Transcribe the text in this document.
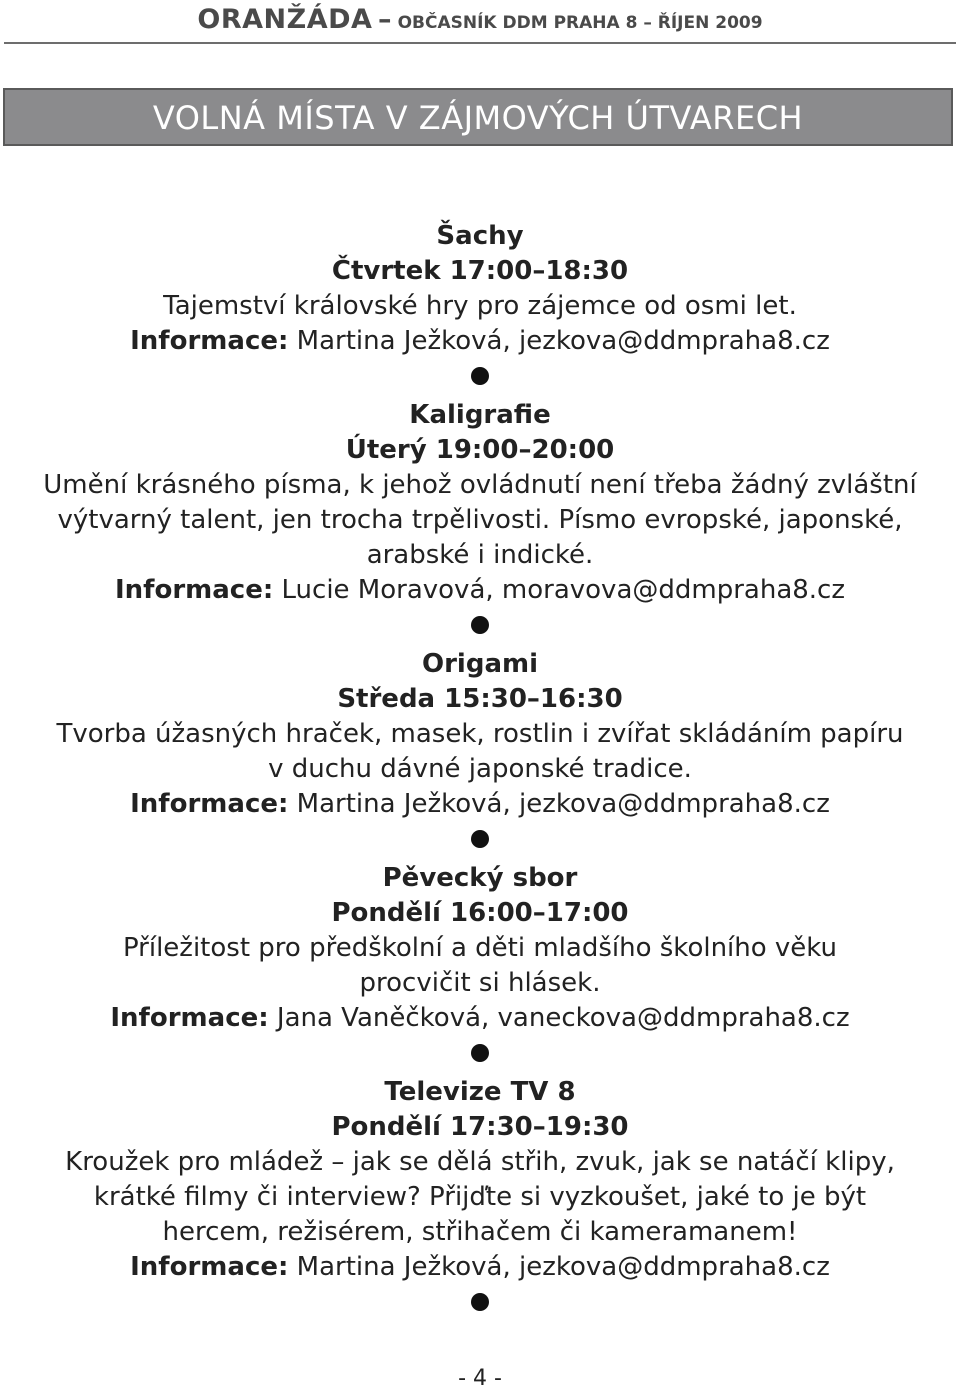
ORANŽÁDA – OBČASNÍK DDM PRAHA 8 – ŘÍJEN 2009
VOLNÁ MÍSTA V ZÁJMOVÝCH ÚTVARECH
Šachy
Čtvrtek 17:00–18:30
Tajemství královské hry pro zájemce od osmi let.
Informace: Martina Ježková, jezkova@ddmpraha8.cz
Kaligrafie
Úterý 19:00–20:00
Umění krásného písma, k jehož ovládnutí není třeba žádný zvláštní
výtvarný talent, jen trocha trpělivosti. Písmo evropské, japonské,
arabské i indické.
Informace: Lucie Moravová, moravova@ddmpraha8.cz
Origami
Středa 15:30–16:30
Tvorba úžasných hraček, masek, rostlin i zvířat skládáním papíru
v duchu dávné japonské tradice.
Informace: Martina Ježková, jezkova@ddmpraha8.cz
Pěvecký sbor
Pondělí 16:00–17:00
Příležitost pro předškolní a děti mladšího školního věku
procvičit si hlásek.
Informace: Jana Vaněčková, vaneckova@ddmpraha8.cz
Televize TV 8
Pondělí 17:30–19:30
Kroužek pro mládež – jak se dělá střih, zvuk, jak se natáčí klipy,
krátké filmy či interview? Přijďte si vyzkoušet, jaké to je být
hercem, režisérem, střihačem či kameramanem!
Informace: Martina Ježková, jezkova@ddmpraha8.cz
- 4 -
